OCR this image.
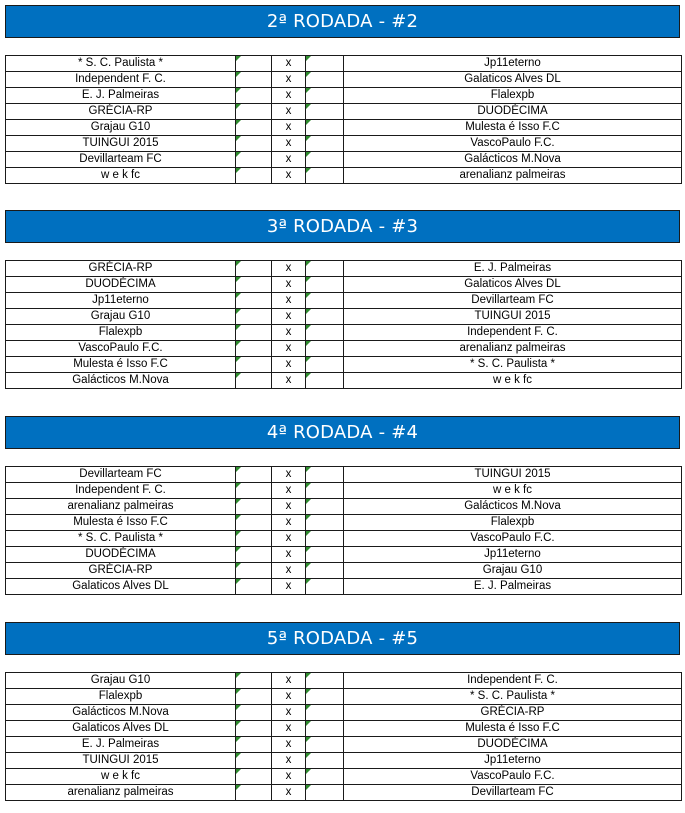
2ª RODADA - #2
* S. C. Paulista *		x		Jp11eterno
Independent F. C.		x		Galaticos Alves DL
E. J. Palmeiras		x		Flalexpb
GRÉCIA-RP		x		DUODÉCIMA
Grajau G10		x		Mulesta é Isso F.C
TUINGUI 2015		x		VascoPaulo F.C.
Devillarteam FC		x		Galácticos M.Nova
w e k fc		x		arenalianz palmeiras
3ª RODADA - #3
GRÉCIA-RP		x		E. J. Palmeiras
DUODÉCIMA		x		Galaticos Alves DL
Jp11eterno		x		Devillarteam FC
Grajau G10		x		TUINGUI 2015
Flalexpb		x		Independent F. C.
VascoPaulo F.C.		x		arenalianz palmeiras
Mulesta é Isso F.C		x		* S. C. Paulista *
Galácticos M.Nova		x		w e k fc
4ª RODADA - #4
Devillarteam FC		x		TUINGUI 2015
Independent F. C.		x		w e k fc
arenalianz palmeiras		x		Galácticos M.Nova
Mulesta é Isso F.C		x		Flalexpb
* S. C. Paulista *		x		VascoPaulo F.C.
DUODÉCIMA		x		Jp11eterno
GRÉCIA-RP		x		Grajau G10
Galaticos Alves DL		x		E. J. Palmeiras
5ª RODADA - #5
Grajau G10		x		Independent F. C.
Flalexpb		x		* S. C. Paulista *
Galácticos M.Nova		x		GRÉCIA-RP
Galaticos Alves DL		x		Mulesta é Isso F.C
E. J. Palmeiras		x		DUODÉCIMA
TUINGUI 2015		x		Jp11eterno
w e k fc		x		VascoPaulo F.C.
arenalianz palmeiras		x		Devillarteam FC
